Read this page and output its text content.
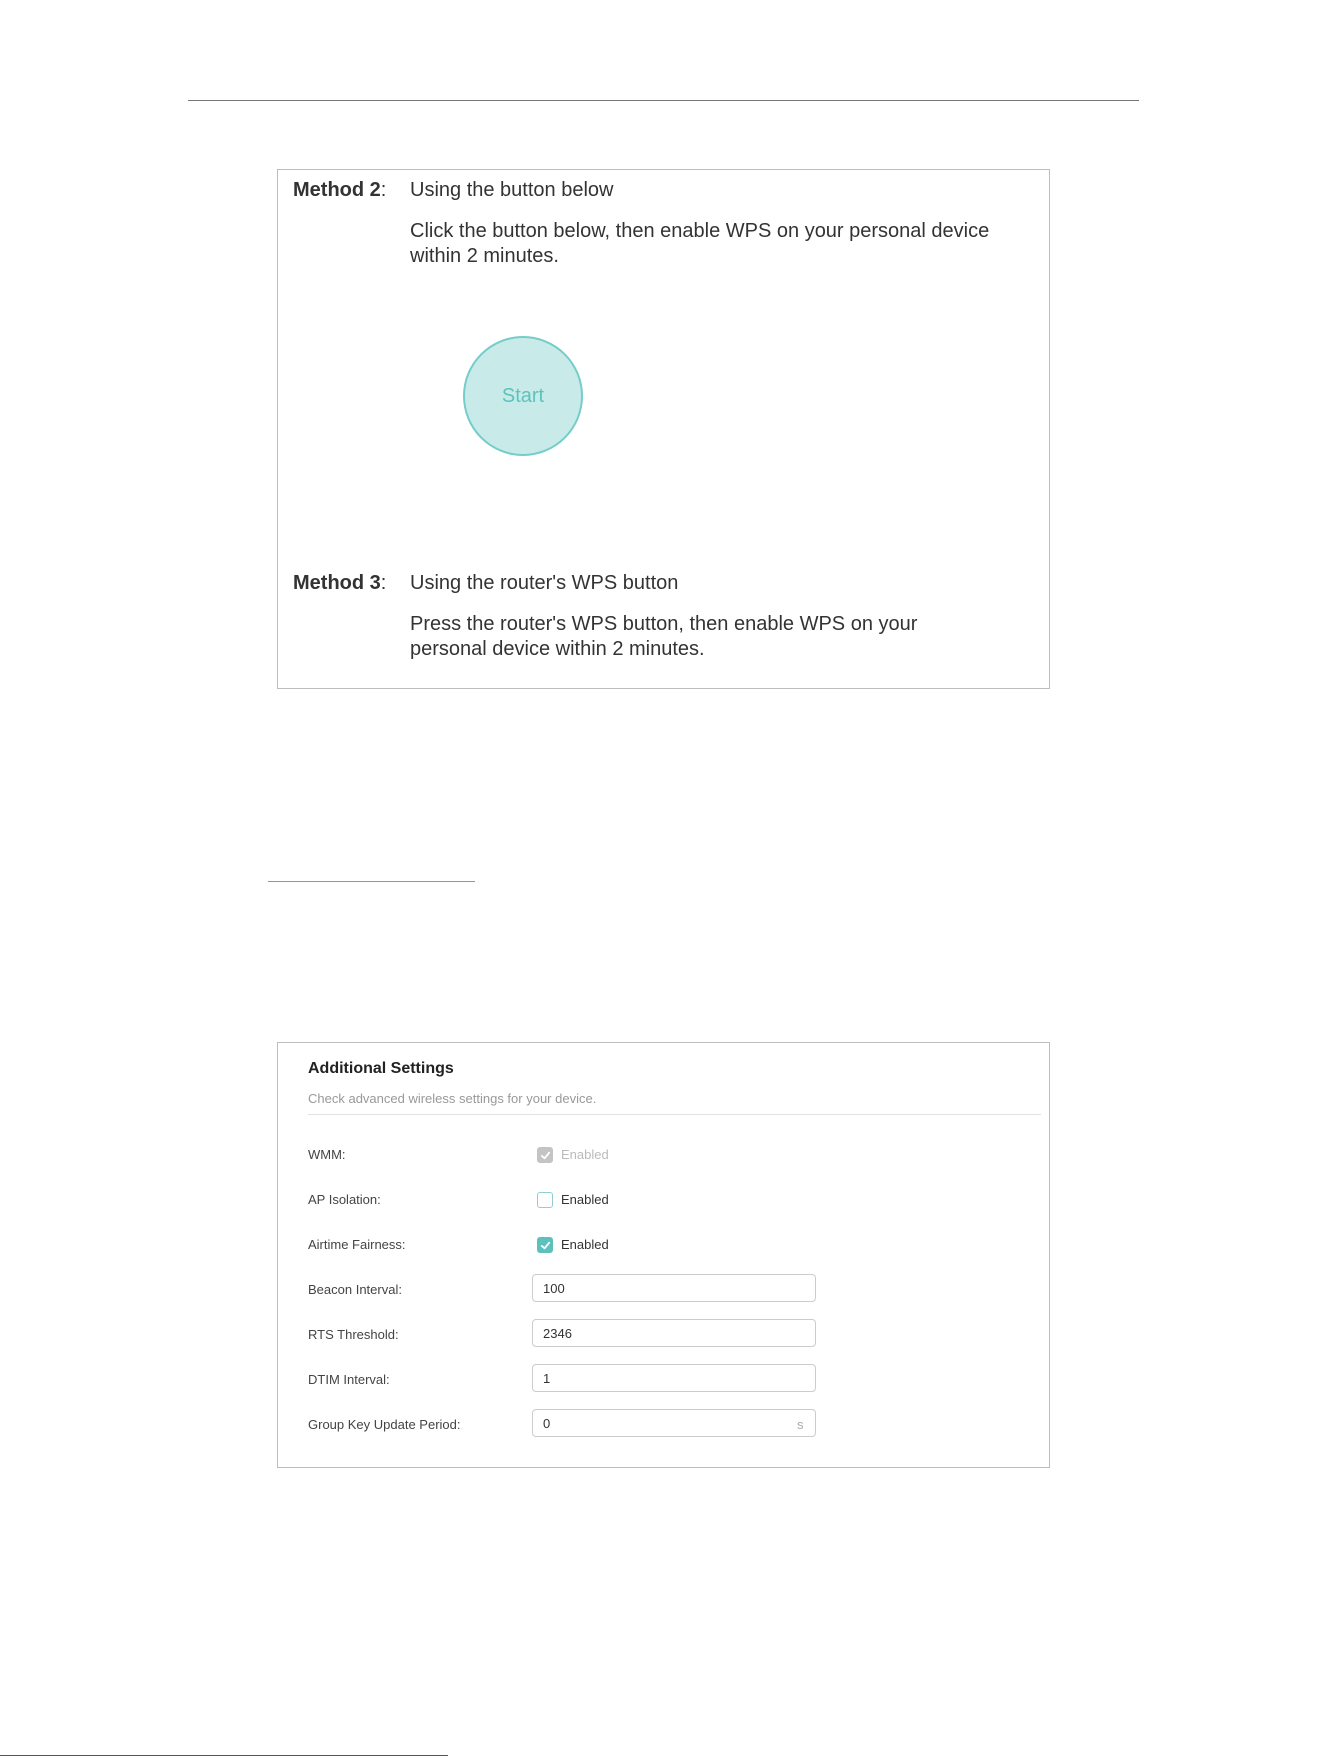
Method 2: Using the button below
Click the button below, then enable WPS on your personal device within 2 minutes.
Start
Method 3: Using the router's WPS button
Press the router's WPS button, then enable WPS on your personal device within 2 minutes.
Additional Settings
Check advanced wireless settings for your device.
WMM:	Enabled
AP Isolation:	Enabled
Airtime Fairness:	Enabled
Beacon Interval:
100
RTS Threshold:
2346
DTIM Interval:
1
Group Key Update Period:
0	s
